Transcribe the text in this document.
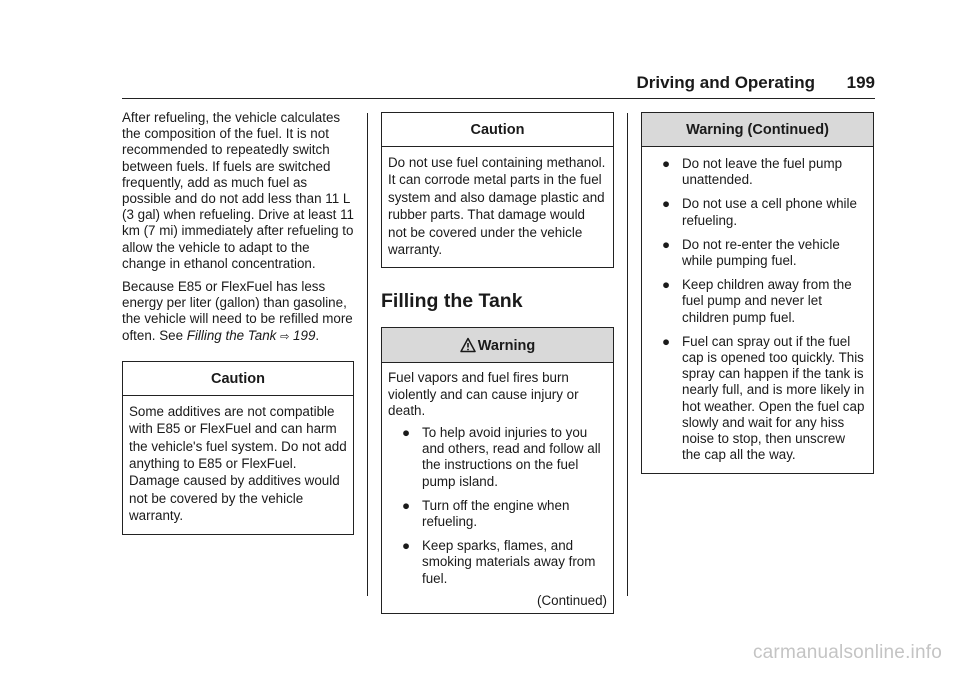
Driving and Operating 199

After refueling, the vehicle calculates the composition of the fuel. It is not recommended to repeatedly switch between fuels. If fuels are switched frequently, add as much fuel as possible and do not add less than 11 L (3 gal) when refueling. Drive at least 11 km (7 mi) immediately after refueling to allow the vehicle to adapt to the change in ethanol concentration.

Because E85 or FlexFuel has less energy per liter (gallon) than gasoline, the vehicle will need to be refilled more often. See Filling the Tank ⇨ 199.

Caution

Some additives are not compatible with E85 or FlexFuel and can harm the vehicle's fuel system. Do not add anything to E85 or FlexFuel. Damage caused by additives would not be covered by the vehicle warranty.

Caution

Do not use fuel containing methanol. It can corrode metal parts in the fuel system and also damage plastic and rubber parts. That damage would not be covered under the vehicle warranty.

Filling the Tank
Warning

Fuel vapors and fuel fires burn violently and can cause injury or death.

● To help avoid injuries to you and others, read and follow all the instructions on the fuel pump island.
● Turn off the engine when refueling.
● Keep sparks, flames, and smoking materials away from fuel.
(Continued)
Warning (Continued)
● Do not leave the fuel pump unattended.
● Do not use a cell phone while refueling.
● Do not re-enter the vehicle while pumping fuel.
● Keep children away from the fuel pump and never let children pump fuel.
● Fuel can spray out if the fuel cap is opened too quickly. This spray can happen if the tank is nearly full, and is more likely in hot weather. Open the fuel cap slowly and wait for any hiss noise to stop, then unscrew the cap all the way.
carmanualsonline.info
